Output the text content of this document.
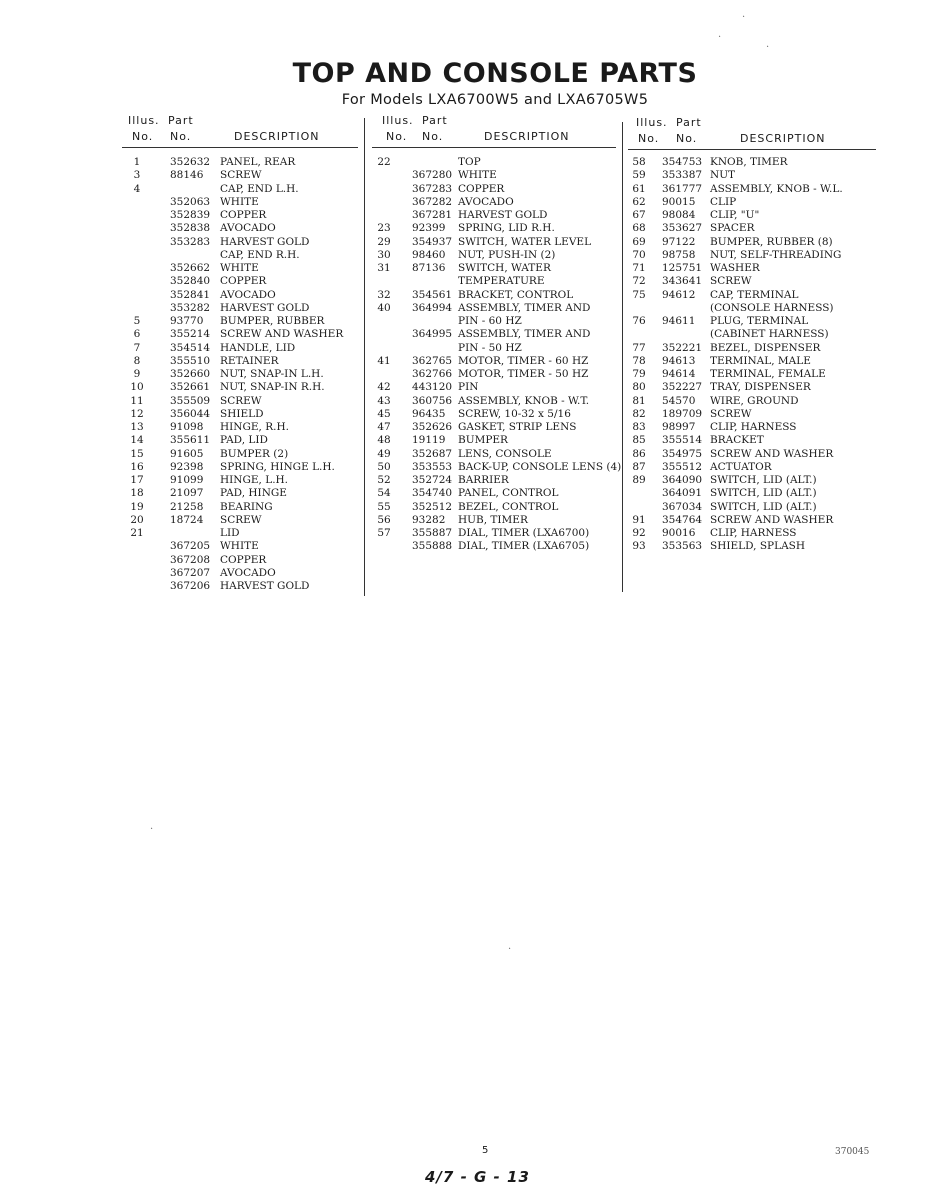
TOP AND CONSOLE PARTS
For Models LXA6700W5 and LXA6705W5
Illus. Part
No. No.	DESCRIPTION
1	352632 PANEL, REAR
3	88146 SCREW
4	CAP, END L.H.
352063 WHITE
352839 COPPER
352838 AVOCADO
353283 HARVEST GOLD
CAP, END R.H.
352662 WHITE
352840 COPPER
352841 AVOCADO
353282 HARVEST GOLD
5	93770 BUMPER, RUBBER
6	355214 SCREW AND WASHER
7	354514 HANDLE, LID
8	355510 RETAINER
9	352660 NUT, SNAP-IN L.H.
10	352661 NUT, SNAP-IN R.H.
11	355509 SCREW
12	356044 SHIELD
13	91098 HINGE, R.H.
14	355611 PAD, LID
15	91605 BUMPER (2)
16	92398 SPRING, HINGE L.H.
17	91099 HINGE, L.H.
18	21097 PAD, HINGE
19	21258 BEARING
20	18724 SCREW
21	LID
367205 WHITE
367208 COPPER
367207 AVOCADO
367206 HARVEST GOLD
Illus. Part
No. No.	DESCRIPTION
22	TOP
367280 WHITE
367283 COPPER
367282 AVOCADO
367281 HARVEST GOLD
23	92399 SPRING, LID R.H.
29	354937 SWITCH, WATER LEVEL
30	98460 NUT, PUSH-IN (2)
31	87136 SWITCH, WATER
TEMPERATURE
32	354561 BRACKET, CONTROL
40	364994 ASSEMBLY, TIMER AND
PIN - 60 HZ
364995 ASSEMBLY, TIMER AND
PIN - 50 HZ
41	362765 MOTOR, TIMER - 60 HZ
362766 MOTOR, TIMER - 50 HZ
42	443120 PIN
43	360756 ASSEMBLY, KNOB - W.T.
45	96435 SCREW, 10-32 x 5/16
47	352626 GASKET, STRIP LENS
48	19119 BUMPER
49	352687 LENS, CONSOLE
50	353553 BACK-UP, CONSOLE LENS (4)
52	352724 BARRIER
54	354740 PANEL, CONTROL
55	352512 BEZEL, CONTROL
56	93282 HUB, TIMER
57	355887 DIAL, TIMER (LXA6700)
355888 DIAL, TIMER (LXA6705)
Illus. Part
No. No.	DESCRIPTION
58	354753 KNOB, TIMER
59	353387 NUT
61	361777 ASSEMBLY, KNOB - W.L.
62	90015 CLIP
67	98084 CLIP, "U"
68	353627 SPACER
69	97122 BUMPER, RUBBER (8)
70	98758 NUT, SELF-THREADING
71	125751 WASHER
72	343641 SCREW
75	94612 CAP, TERMINAL
(CONSOLE HARNESS)
76	94611 PLUG, TERMINAL
(CABINET HARNESS)
77	352221 BEZEL, DISPENSER
78	94613 TERMINAL, MALE
79	94614 TERMINAL, FEMALE
80	352227 TRAY, DISPENSER
81	54570 WIRE, GROUND
82	189709 SCREW
83	98997 CLIP, HARNESS
85	355514 BRACKET
86	354975 SCREW AND WASHER
87	355512 ACTUATOR
89	364090 SWITCH, LID (ALT.)
364091 SWITCH, LID (ALT.)
367034 SWITCH, LID (ALT.)
91	354764 SCREW AND WASHER
92	90016 CLIP, HARNESS
93	353563 SHIELD, SPLASH
·
·
·
·
·
5	370045
4/7 - G - 13
